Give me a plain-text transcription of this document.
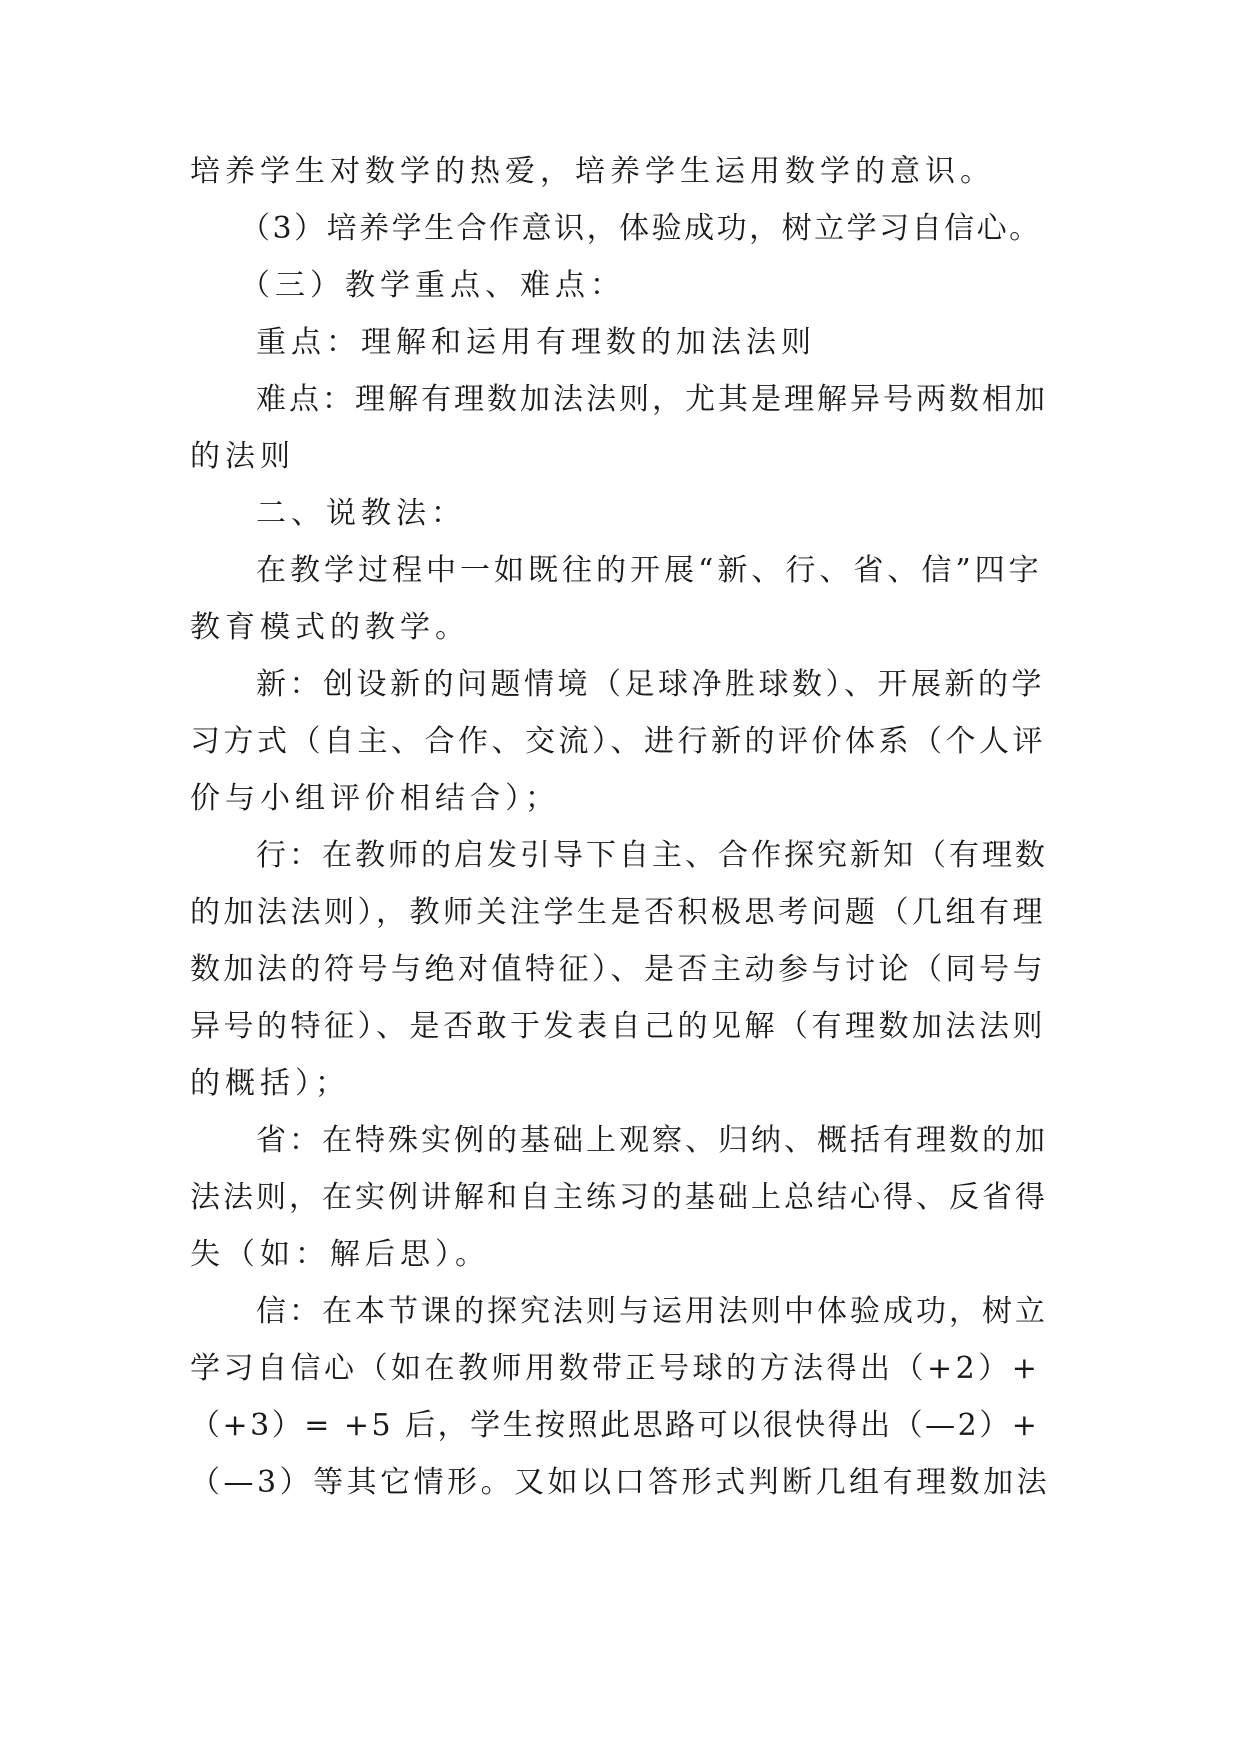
培养学生对数学的热爱，培养学生运用数学的意识。
（3）培养学生合作意识，体验成功，树立学习自信心。
（三）教学重点、难点：
重点：理解和运用有理数的加法法则
难点：理解有理数加法法则，尤其是理解异号两数相加
的法则
二、说教法：
在教学过程中一如既往的开展“新、行、省、信”四字
教育模式的教学。
新：创设新的问题情境（足球净胜球数）、开展新的学
习方式（自主、合作、交流）、进行新的评价体系（个人评
价与小组评价相结合）；
行：在教师的启发引导下自主、合作探究新知（有理数
的加法法则），教师关注学生是否积极思考问题（几组有理
数加法的符号与绝对值特征）、是否主动参与讨论（同号与
异号的特征）、是否敢于发表自己的见解（有理数加法法则
的概括）；
省：在特殊实例的基础上观察、归纳、概括有理数的加
法法则，在实例讲解和自主练习的基础上总结心得、反省得
失（如：解后思）。
信：在本节课的探究法则与运用法则中体验成功，树立
学习自信心（如在教师用数带正号球的方法得出（+2）+
（+3）= +5 后，学生按照此思路可以很快得出（—2）+
（—3）等其它情形。又如以口答形式判断几组有理数加法
